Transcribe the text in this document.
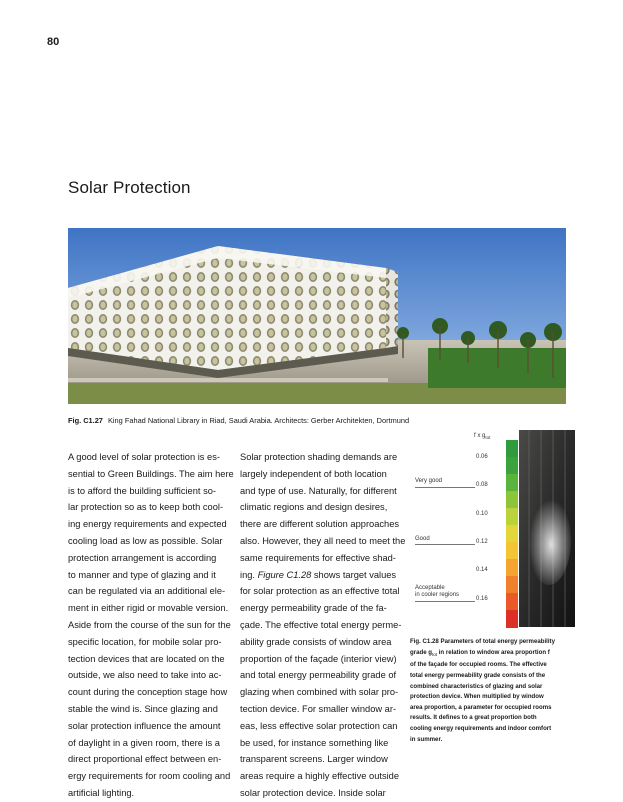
80
Solar Protection
Fig. C1.27 King Fahad National Library in Riad, Saudi Arabia. Architects: Gerber Architekten, Dortmund
A good level of solar protection is es-
sential to Green Buildings. The aim here
is to afford the building sufficient so-
lar protection so as to keep both cool-
ing energy requirements and expected
cooling load as low as possible. Solar
protection arrangement is according
to manner and type of glazing and it
can be regulated via an additional ele-
ment in either rigid or movable version.
Aside from the course of the sun for the
specific location, for mobile solar pro-
tection devices that are located on the
outside, we also need to take into ac-
count during the conception stage how
stable the wind is. Since glazing and
solar protection influence the amount
of daylight in a given room, there is a
direct proportional effect between en-
ergy requirements for room cooling and
artificial lighting.
Solar protection shading demands are
largely independent of both location
and type of use. Naturally, for different
climatic regions and design desires,
there are different solution approaches
also. However, they all need to meet the
same requirements for effective shad-
ing. Figure C1.28 shows target values
for solar protection as an effective total
energy permeability grade of the fa-
çade. The effective total energy perme-
ability grade consists of window area
proportion of the façade (interior view)
and total energy permeability grade of
glazing when combined with solar pro-
tection device. For smaller window ar-
eas, less effective solar protection can
be used, for instance something like
transparent screens. Larger window
areas require a highly effective outside
solar protection device. Inside solar
f x $g_{tot}$
Very good
Good
Acceptable
in cooler regions
0.06
0.08
0.10
0.12
0.14
0.16
Fig. C1.28 Parameters of total energy permeability
grade $g_{tot}$ in relation to window area proportion f
of the façade for occupied rooms. The effective
total energy permeability grade consists of the
combined characteristics of glazing and solar
protection device. When multiplied by window
area proportion, a parameter for occupied rooms
results. It defines to a great proportion both
cooling energy requirements and indoor comfort
in summer.
